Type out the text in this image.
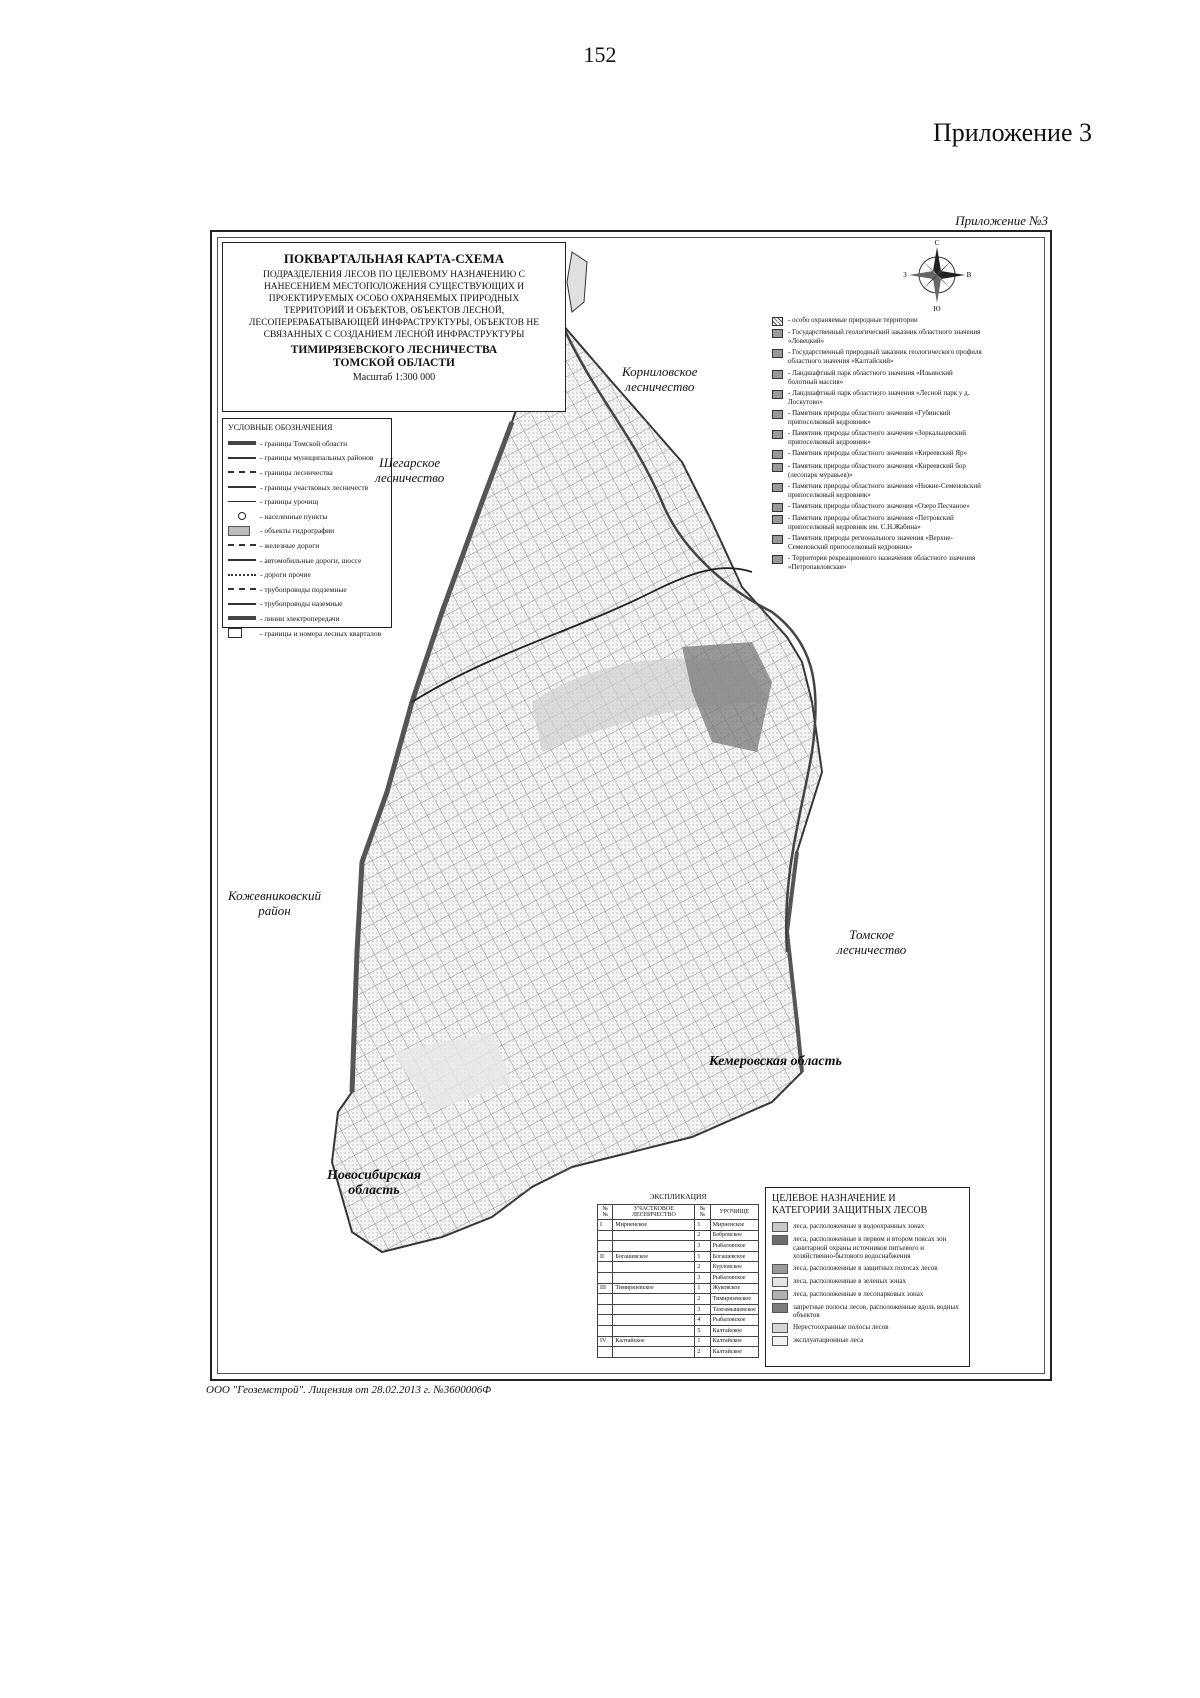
152
Приложение 3
Приложение №3
ПОКВАРТАЛЬНАЯ КАРТА-СХЕМА
ПОДРАЗДЕЛЕНИЯ ЛЕСОВ ПО ЦЕЛЕВОМУ НАЗНАЧЕНИЮ С
НАНЕСЕНИЕМ МЕСТОПОЛОЖЕНИЯ СУЩЕСТВУЮЩИХ И
ПРОЕКТИРУЕМЫХ ОСОБО ОХРАНЯЕМЫХ ПРИРОДНЫХ
ТЕРРИТОРИЙ И ОБЪЕКТОВ, ОБЪЕКТОВ ЛЕСНОЙ,
ЛЕСОПЕРЕРАБАТЫВАЮЩЕЙ ИНФРАСТРУКТУРЫ, ОБЪЕКТОВ НЕ
СВЯЗАННЫХ С СОЗДАНИЕМ ЛЕСНОЙ ИНФРАСТРУКТУРЫ
ТИМИРЯЗЕВСКОГО ЛЕСНИЧЕСТВА
ТОМСКОЙ ОБЛАСТИ
Масштаб 1:300 000
УСЛОВНЫЕ ОБОЗНАЧЕНИЯ
- границы Томской области
- границы муниципальных районов
- границы лесничества
- границы участковых лесничеств
- границы урочищ
- населенные пункты
- объекты гидрографии
- железные дороги
- автомобильные дороги, шоссе
- дороги прочие
- трубопроводы подземные
- трубопроводы наземные
- линии электропередачи
- границы и номера лесных кварталов
С
Ю
З	В
- особо охраняемые природные территории
- Государственный геологический заказник областного значения «Ловецкий»
- Государственный природный заказник геологического профиля областного значения «Калтайский»
- Ландшафтный парк областного значения «Ильинский болотный массив»
- Ландшафтный парк областного значения «Лесной парк у д. Лоскутово»
- Памятник природы областного значения «Губинский припоселковый кедровник»
- Памятник природы областного значения «Зоркальцевский припоселковый кедровник»
- Памятник природы областного значения «Киреевский Яр»
- Памятник природы областного значения «Киреевский бор (лесопарк муравьев)»
- Памятник природы областного значения «Нижне-Семеновский припоселковый кедровник»
- Памятник природы областного значения «Озеро Песчаное»
- Памятник природы областного значения «Петровский припоселковый кедровник им. С.Н.Жабина»
- Памятник природы регионального значения «Верхне-Семеновский припоселковый кедровник»
- Территория рекреационного назначения областного значения «Петропавловская»
Корниловское
лесничество
Шегарское
лесничество
Кожевниковский
район
Томское
лесничество
Кемеровская область
Новосибирская
область	ЭКСПЛИКАЦИЯ
№№	УЧАСТКОВОЕ ЛЕСНИЧЕСТВО	№№	УРОЧИЩЕ
I	Мирненское	1	Мирненское
		2	Бобровское
		3	Рыбаловское
II	Богашевское	1	Богашевское
		2	Курловское
		3	Рыбаловское
III	Тимирязевское	1	Жуковское
		2	Тимирязевское
		3	Тахтамышевское
		4	Рыбаловское
		5	Калтайское
IV	Калтайское	1	Калтайское
		2	Калтайское
ЦЕЛЕВОЕ НАЗНАЧЕНИЕ И
КАТЕГОРИИ ЗАЩИТНЫХ ЛЕСОВ
леса, расположенные в водоохранных зонах
леса, расположенные в первом и втором поясах зон санитарной охраны источников питьевого и хозяйственно-бытового водоснабжения
леса, расположенные в защитных полосах лесов
леса, расположенные в зеленых зонах
леса, расположенные в лесопарковых зонах
запретные полосы лесов, расположенные вдоль водных объектов
Нерестоохранные полосы лесов
эксплуатационные леса
ООО "Геоземстрой". Лицензия от 28.02.2013 г. №3600006Ф
